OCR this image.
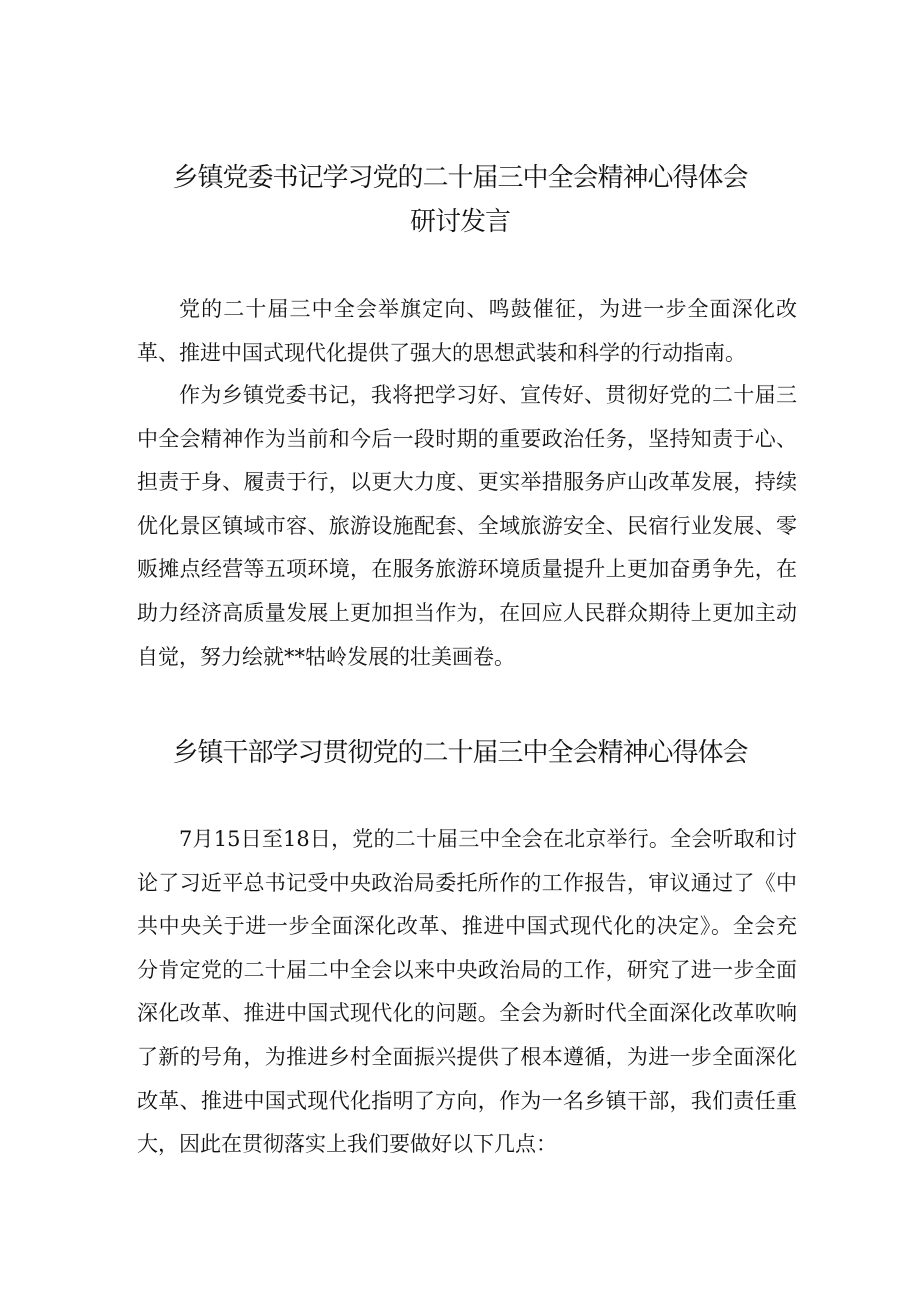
乡镇党委书记学习党的二十届三中全会精神心得体会
研讨发言

党的二十届三中全会举旗定向、鸣鼓催征，为进一步全面深化改革、推进中国式现代化提供了强大的思想武装和科学的行动指南。

作为乡镇党委书记，我将把学习好、宣传好、贯彻好党的二十届三中全会精神作为当前和今后一段时期的重要政治任务，坚持知责于心、担责于身、履责于行，以更大力度、更实举措服务庐山改革发展，持续优化景区镇域市容、旅游设施配套、全域旅游安全、民宿行业发展、零贩摊点经营等五项环境，在服务旅游环境质量提升上更加奋勇争先，在助力经济高质量发展上更加担当作为，在回应人民群众期待上更加主动自觉，努力绘就**牯岭发展的壮美画卷。

乡镇干部学习贯彻党的二十届三中全会精神心得体会

7月15日至18日，党的二十届三中全会在北京举行。全会听取和讨论了习近平总书记受中央政治局委托所作的工作报告，审议通过了《中共中央关于进一步全面深化改革、推进中国式现代化的决定》。全会充分肯定党的二十届二中全会以来中央政治局的工作，研究了进一步全面深化改革、推进中国式现代化的问题。全会为新时代全面深化改革吹响了新的号角，为推进乡村全面振兴提供了根本遵循，为进一步全面深化改革、推进中国式现代化指明了方向，作为一名乡镇干部，我们责任重大，因此在贯彻落实上我们要做好以下几点：
